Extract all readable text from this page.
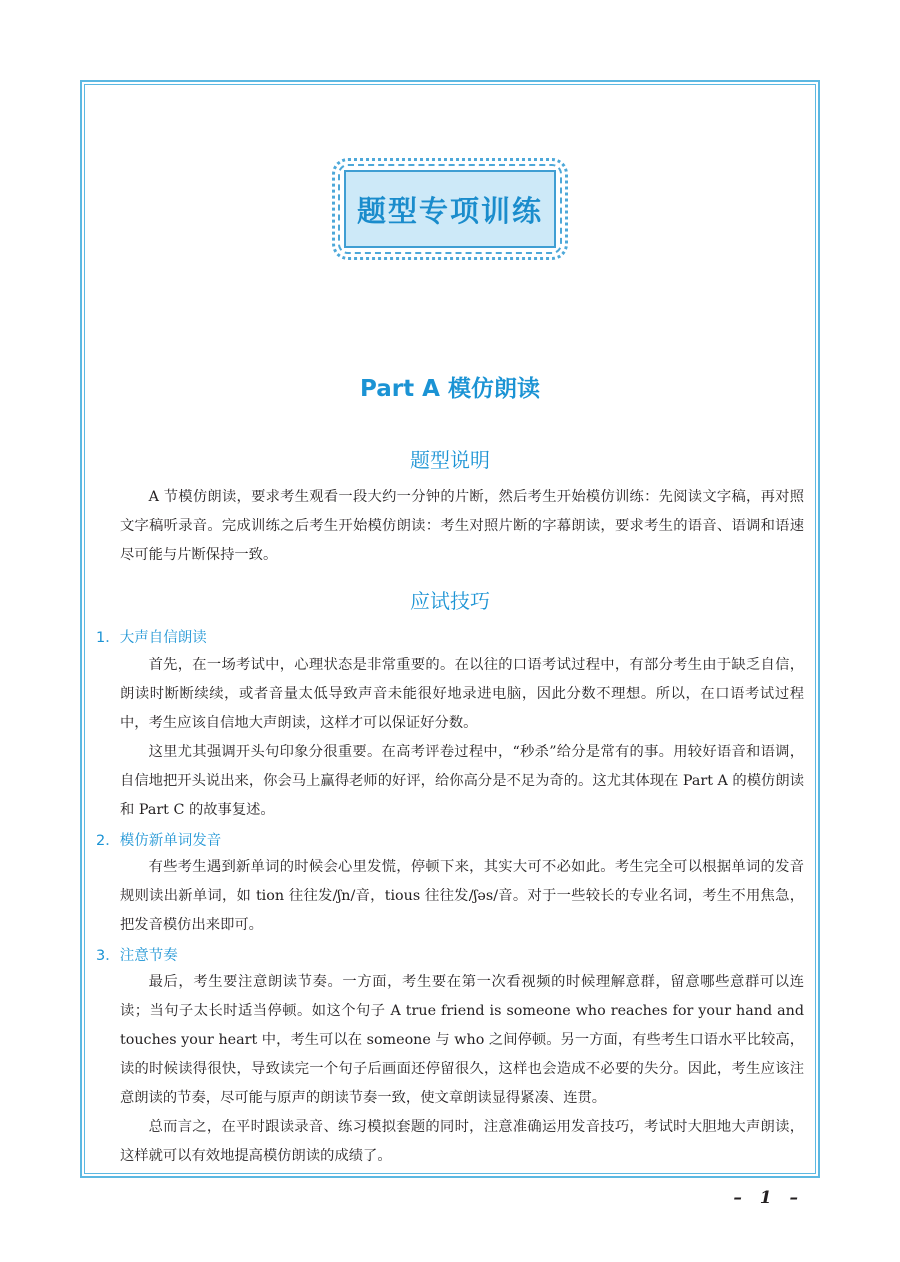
题型专项训练
Part A 模仿朗读
题型说明

A 节模仿朗读，要求考生观看一段大约一分钟的片断，然后考生开始模仿训练：先阅读文字稿，再对照文字稿听录音。完成训练之后考生开始模仿朗读：考生对照片断的字幕朗读，要求考生的语音、语调和语速尽可能与片断保持一致。

应试技巧
1．大声自信朗读

首先，在一场考试中，心理状态是非常重要的。在以往的口语考试过程中，有部分考生由于缺乏自信，朗读时断断续续，或者音量太低导致声音未能很好地录进电脑，因此分数不理想。所以，在口语考试过程中，考生应该自信地大声朗读，这样才可以保证好分数。

这里尤其强调开头句印象分很重要。在高考评卷过程中，“秒杀”给分是常有的事。用较好语音和语调，自信地把开头说出来，你会马上赢得老师的好评，给你高分是不足为奇的。这尤其体现在 Part A 的模仿朗读和 Part C 的故事复述。

2．模仿新单词发音

有些考生遇到新单词的时候会心里发慌，停顿下来，其实大可不必如此。考生完全可以根据单词的发音规则读出新单词，如 tion 往往发/ʃn/音，tious 往往发/ʃəs/音。对于一些较长的专业名词，考生不用焦急，把发音模仿出来即可。

3．注意节奏

最后，考生要注意朗读节奏。一方面，考生要在第一次看视频的时候理解意群，留意哪些意群可以连读；当句子太长时适当停顿。如这个句子 A true friend is someone who reaches for your hand and touches your heart 中，考生可以在 someone 与 who 之间停顿。另一方面，有些考生口语水平比较高，读的时候读得很快，导致读完一个句子后画面还停留很久，这样也会造成不必要的失分。因此，考生应该注意朗读的节奏，尽可能与原声的朗读节奏一致，使文章朗读显得紧凑、连贯。

总而言之，在平时跟读录音、练习模拟套题的同时，注意准确运用发音技巧，考试时大胆地大声朗读，这样就可以有效地提高模仿朗读的成绩了。

– 1 –
